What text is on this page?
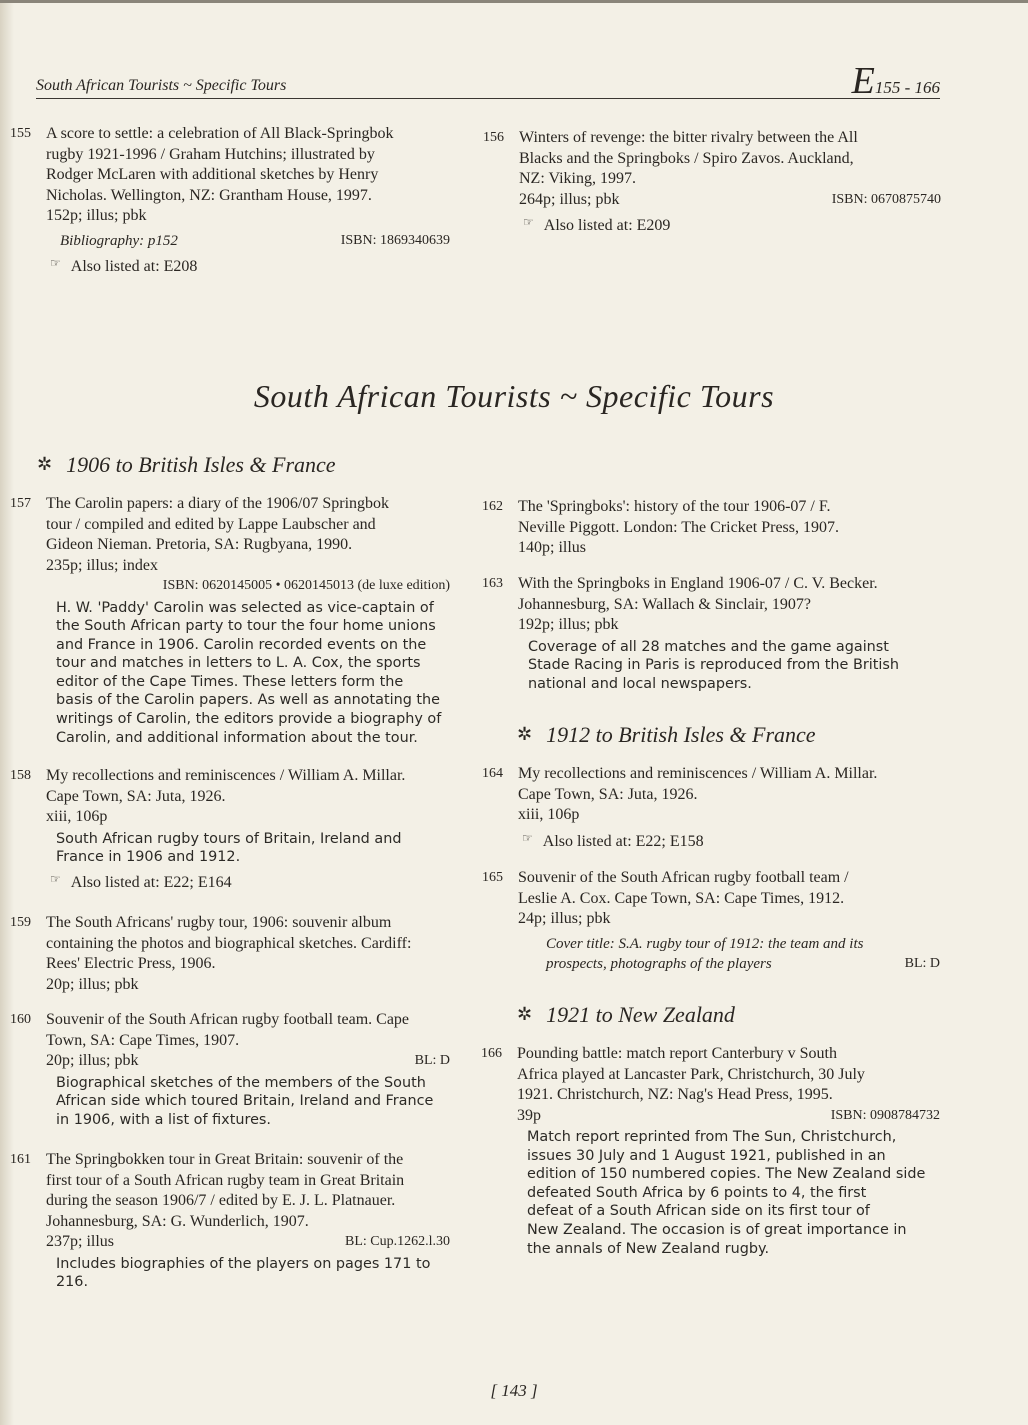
South African Tourists ~ Specific Tours	E155 - 166
155 A score to settle: a celebration of All Black-Springbok
rugby 1921-1996 / Graham Hutchins; illustrated by
Rodger McLaren with additional sketches by Henry
Nicholas. Wellington, NZ: Grantham House, 1997.
152p; illus; pbk
Bibliography: p152	ISBN: 1869340639
☞ Also listed at: E208
156 Winters of revenge: the bitter rivalry between the All
Blacks and the Springboks / Spiro Zavos. Auckland,
NZ: Viking, 1997.
264p; illus; pbk	ISBN: 0670875740
☞ Also listed at: E209
South African Tourists ~ Specific Tours
✲ 1906 to British Isles & France
157 The Carolin papers: a diary of the 1906/07 Springbok
tour / compiled and edited by Lappe Laubscher and
Gideon Nieman. Pretoria, SA: Rugbyana, 1990.
235p; illus; index
ISBN: 0620145005 • 0620145013 (de luxe edition)
H. W. 'Paddy' Carolin was selected as vice-captain of
the South African party to tour the four home unions
and France in 1906. Carolin recorded events on the
tour and matches in letters to L. A. Cox, the sports
editor of the Cape Times. These letters form the
basis of the Carolin papers. As well as annotating the
writings of Carolin, the editors provide a biography of
Carolin, and additional information about the tour.
158 My recollections and reminiscences / William A. Millar.
Cape Town, SA: Juta, 1926.
xiii, 106p
South African rugby tours of Britain, Ireland and
France in 1906 and 1912.
☞ Also listed at: E22; E164
159 The South Africans' rugby tour, 1906: souvenir album
containing the photos and biographical sketches. Cardiff:
Rees' Electric Press, 1906.
20p; illus; pbk
160 Souvenir of the South African rugby football team. Cape
Town, SA: Cape Times, 1907.
20p; illus; pbk	BL: D
Biographical sketches of the members of the South
African side which toured Britain, Ireland and France
in 1906, with a list of fixtures.
161 The Springbokken tour in Great Britain: souvenir of the
first tour of a South African rugby team in Great Britain
during the season 1906/7 / edited by E. J. L. Platnauer.
Johannesburg, SA: G. Wunderlich, 1907.
237p; illus	BL: Cup.1262.l.30
Includes biographies of the players on pages 171 to
216.
162 The 'Springboks': history of the tour 1906-07 / F.
Neville Piggott. London: The Cricket Press, 1907.
140p; illus
163 With the Springboks in England 1906-07 / C. V. Becker.
Johannesburg, SA: Wallach & Sinclair, 1907?
192p; illus; pbk
Coverage of all 28 matches and the game against
Stade Racing in Paris is reproduced from the British
national and local newspapers.
✲ 1912 to British Isles & France
164 My recollections and reminiscences / William A. Millar.
Cape Town, SA: Juta, 1926.
xiii, 106p
☞ Also listed at: E22; E158
165 Souvenir of the South African rugby football team /
Leslie A. Cox. Cape Town, SA: Cape Times, 1912.
24p; illus; pbk
Cover title: S.A. rugby tour of 1912: the team and its
prospects, photographs of the players	BL: D
✲ 1921 to New Zealand
166 Pounding battle: match report Canterbury v South
Africa played at Lancaster Park, Christchurch, 30 July
1921. Christchurch, NZ: Nag's Head Press, 1995.
39p	ISBN: 0908784732
Match report reprinted from The Sun, Christchurch,
issues 30 July and 1 August 1921, published in an
edition of 150 numbered copies. The New Zealand side
defeated South Africa by 6 points to 4, the first
defeat of a South African side on its first tour of
New Zealand. The occasion is of great importance in
the annals of New Zealand rugby.
[ 143 ]
